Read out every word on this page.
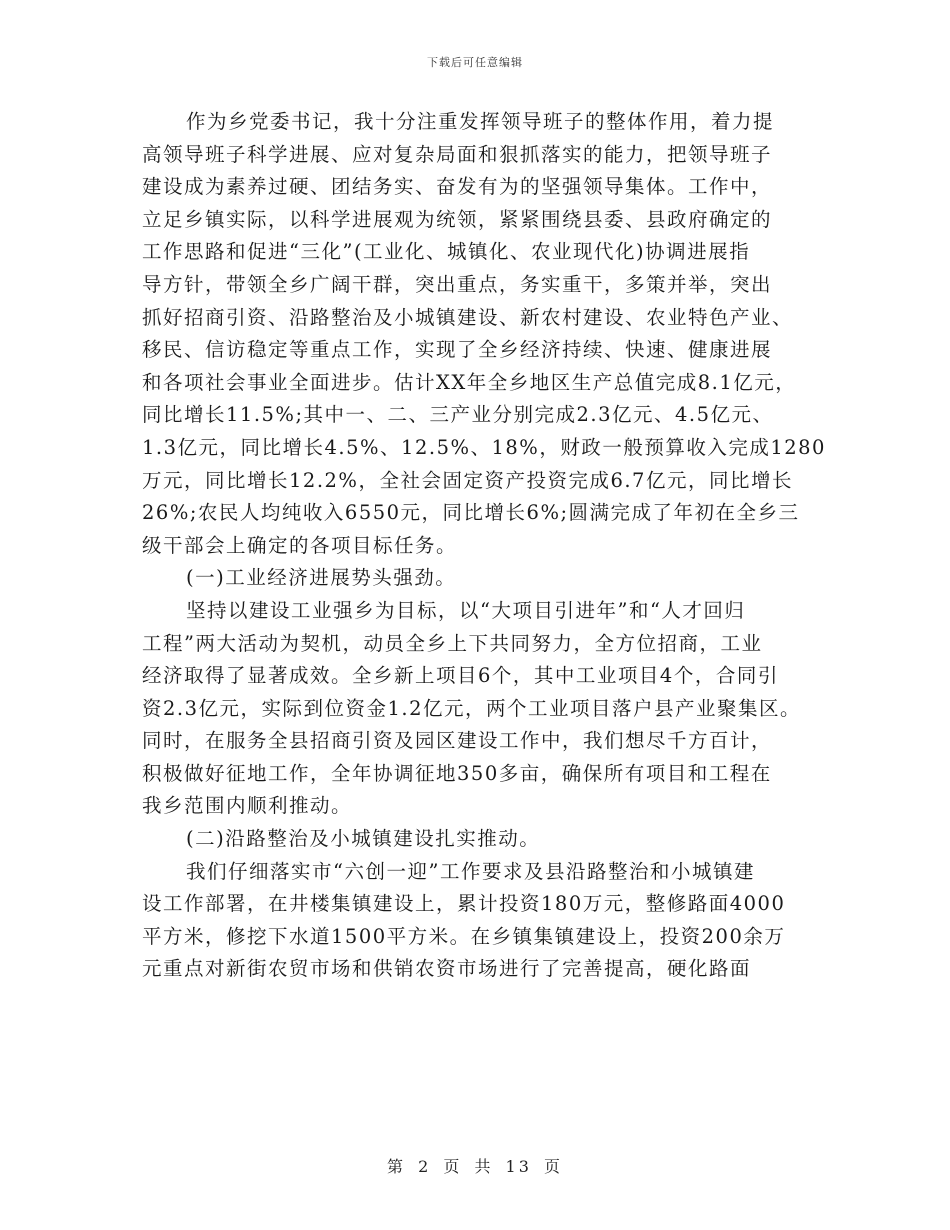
下载后可任意编辑
作为乡党委书记，我十分注重发挥领导班子的整体作用，着力提
高领导班子科学进展、应对复杂局面和狠抓落实的能力，把领导班子
建设成为素养过硬、团结务实、奋发有为的坚强领导集体。工作中，
立足乡镇实际，以科学进展观为统领，紧紧围绕县委、县政府确定的
工作思路和促进“三化”(工业化、城镇化、农业现代化)协调进展指
导方针，带领全乡广阔干群，突出重点，务实重干，多策并举，突出
抓好招商引资、沿路整治及小城镇建设、新农村建设、农业特色产业、
移民、信访稳定等重点工作，实现了全乡经济持续、快速、健康进展
和各项社会事业全面进步。估计XX年全乡地区生产总值完成8.1亿元，
同比增长11.5%;其中一、二、三产业分别完成2.3亿元、4.5亿元、
1.3亿元，同比增长4.5%、12.5%、18%，财政一般预算收入完成1280
万元，同比增长12.2%，全社会固定资产投资完成6.7亿元，同比增长
26%;农民人均纯收入6550元，同比增长6%;圆满完成了年初在全乡三
级干部会上确定的各项目标任务。
(一)工业经济进展势头强劲。
坚持以建设工业强乡为目标，以“大项目引进年”和“人才回归
工程”两大活动为契机，动员全乡上下共同努力，全方位招商，工业
经济取得了显著成效。全乡新上项目6个，其中工业项目4个，合同引
资2.3亿元，实际到位资金1.2亿元，两个工业项目落户县产业聚集区。
同时，在服务全县招商引资及园区建设工作中，我们想尽千方百计，
积极做好征地工作，全年协调征地350多亩，确保所有项目和工程在
我乡范围内顺利推动。
(二)沿路整治及小城镇建设扎实推动。
我们仔细落实市“六创一迎”工作要求及县沿路整治和小城镇建
设工作部署，在井楼集镇建设上，累计投资180万元，整修路面4000
平方米，修挖下水道1500平方米。在乡镇集镇建设上，投资200余万
元重点对新街农贸市场和供销农资市场进行了完善提高，硬化路面
第 2 页 共 13 页
